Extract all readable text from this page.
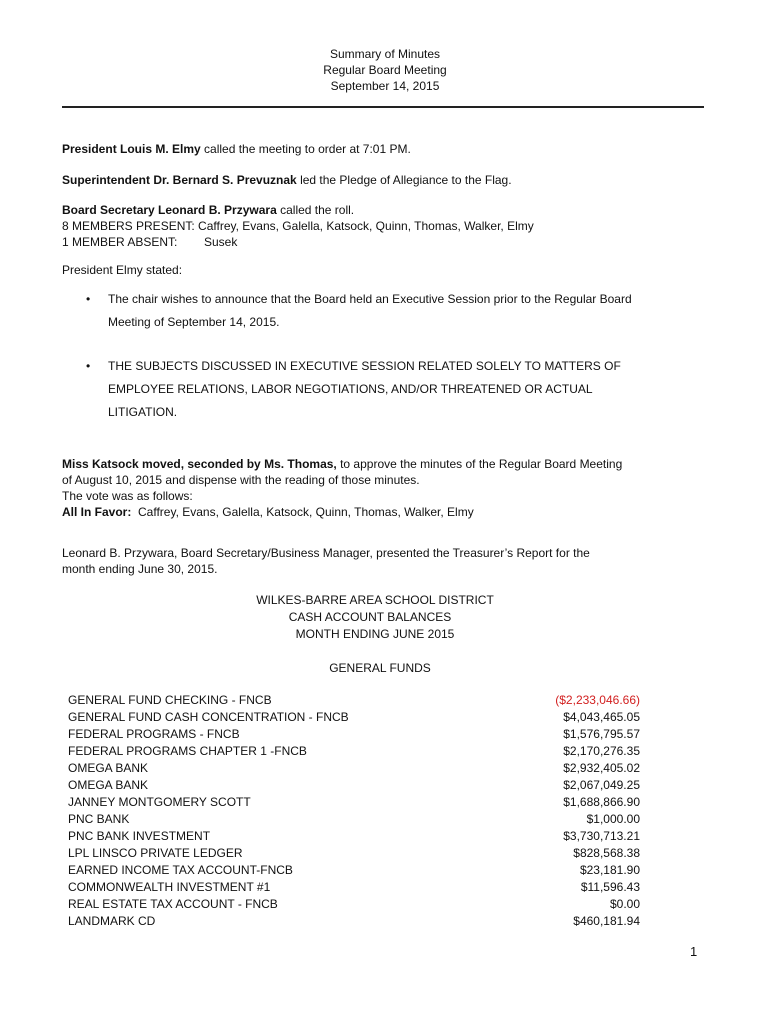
Summary of Minutes
Regular Board Meeting
September 14, 2015
President Louis M. Elmy called the meeting to order at 7:01 PM.
Superintendent Dr. Bernard S. Prevuznak led the Pledge of Allegiance to the Flag.
Board Secretary Leonard B. Przywara called the roll.
8 MEMBERS PRESENT:
Caffrey, Evans, Galella, Katsock, Quinn, Thomas, Walker, Elmy
1 MEMBER ABSENT:	Susek
President Elmy stated:
• The chair wishes to announce that the Board held an Executive Session prior to the Regular Board
Meeting of September 14, 2015.
• THE SUBJECTS DISCUSSED IN EXECUTIVE SESSION RELATED SOLELY TO MATTERS OF
EMPLOYEE RELATIONS, LABOR NEGOTIATIONS, AND/OR THREATENED OR ACTUAL
LITIGATION.
Miss Katsock moved, seconded by Ms. Thomas, to approve the minutes of the Regular Board Meeting
of August 10, 2015 and dispense with the reading of those minutes.
The vote was as follows:
All In Favor:  Caffrey, Evans, Galella, Katsock, Quinn, Thomas, Walker, Elmy
Leonard B. Przywara, Board Secretary/Business Manager, presented the Treasurer’s Report for the
month ending June 30, 2015.
WILKES-BARRE AREA SCHOOL DISTRICT
CASH ACCOUNT BALANCES
MONTH ENDING JUNE 2015
GENERAL FUNDS
GENERAL FUND CHECKING - FNCB	($2,233,046.66)
GENERAL FUND CASH CONCENTRATION - FNCB	$4,043,465.05
FEDERAL PROGRAMS - FNCB	$1,576,795.57
FEDERAL PROGRAMS CHAPTER 1 -FNCB	$2,170,276.35
OMEGA BANK	$2,932,405.02
OMEGA BANK	$2,067,049.25
JANNEY MONTGOMERY SCOTT	$1,688,866.90
PNC BANK	$1,000.00
PNC BANK INVESTMENT	$3,730,713.21
LPL LINSCO PRIVATE LEDGER	$828,568.38
EARNED INCOME TAX ACCOUNT-FNCB	$23,181.90
COMMONWEALTH INVESTMENT #1	$11,596.43
REAL ESTATE TAX ACCOUNT - FNCB	$0.00
LANDMARK CD	$460,181.94
1
